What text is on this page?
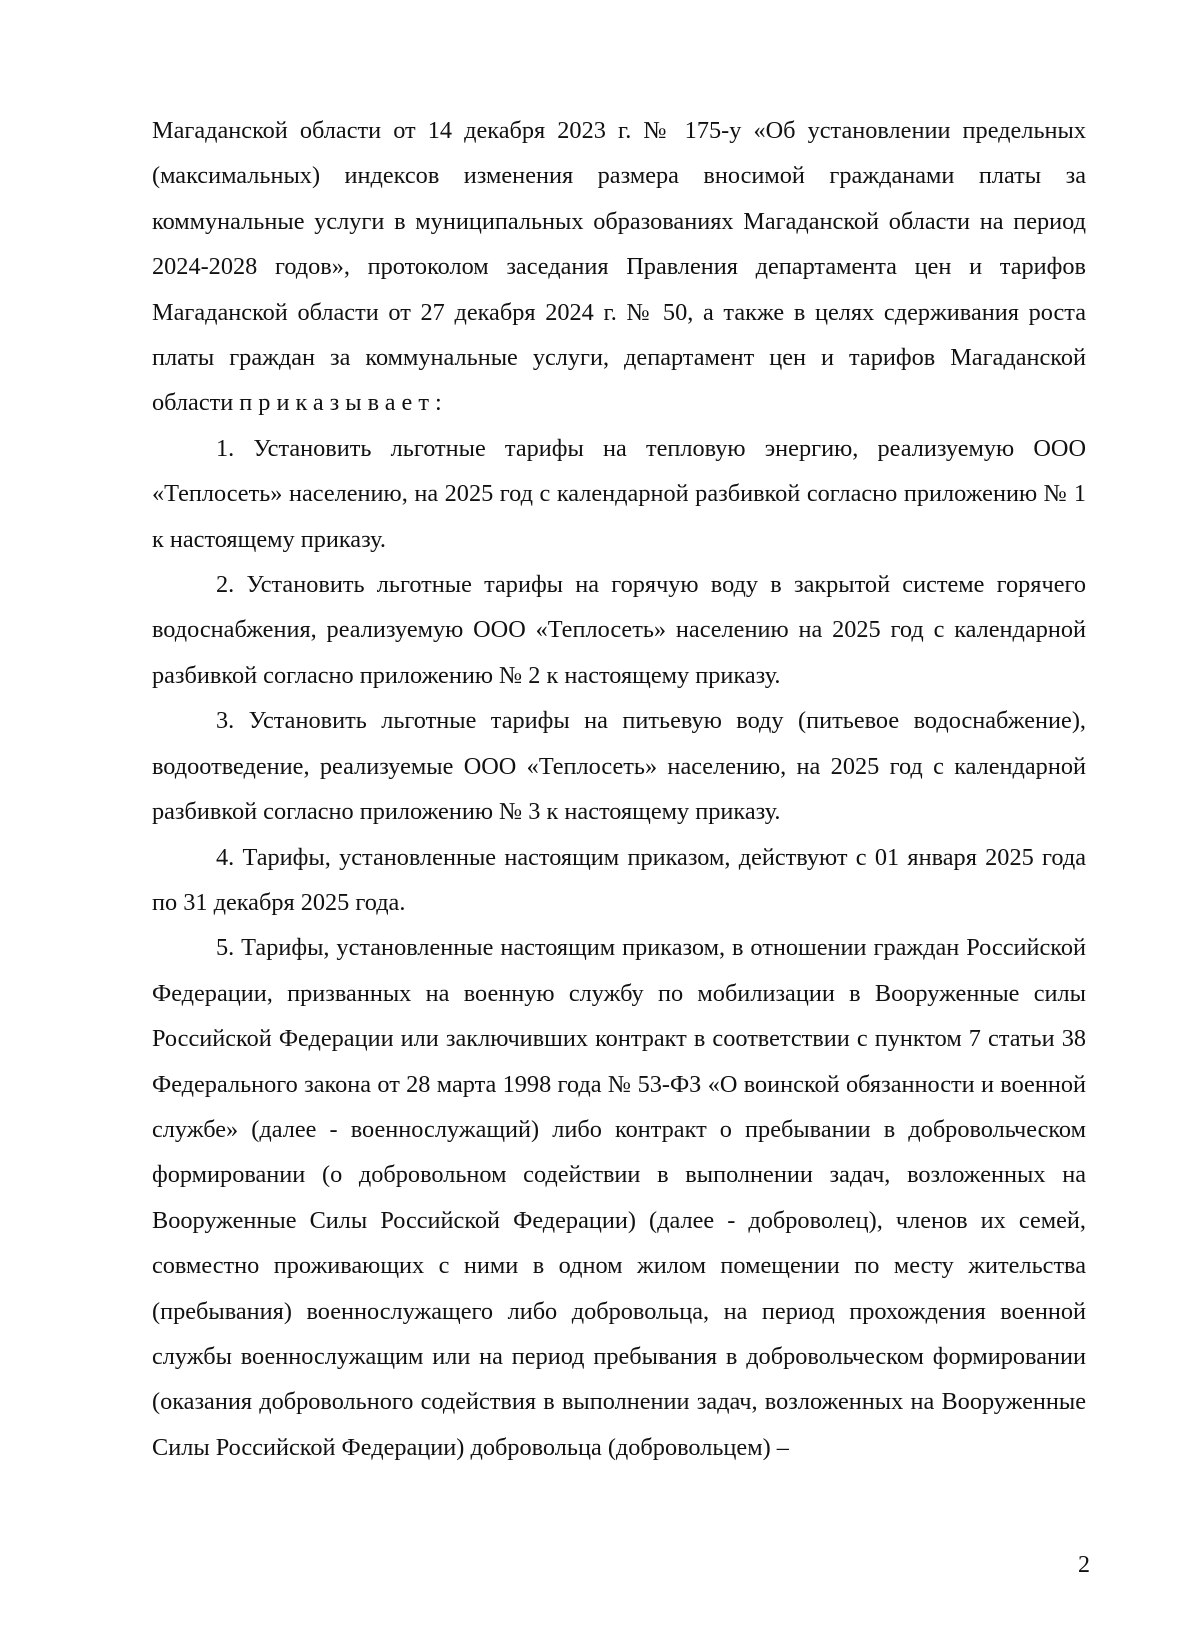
Магаданской области от 14 декабря 2023 г. № 175-у «Об установлении предельных (максимальных) индексов изменения размера вносимой гражданами платы за коммунальные услуги в муниципальных образованиях Магаданской области на период 2024-2028 годов», протоколом заседания Правления департамента цен и тарифов Магаданской области от 27 декабря 2024 г. № 50, а также в целях сдерживания роста платы граждан за коммунальные услуги, департамент цен и тарифов Магаданской области приказывает:

1. Установить льготные тарифы на тепловую энергию, реализуемую ООО «Теплосеть» населению, на 2025 год с календарной разбивкой согласно приложению № 1 к настоящему приказу.

2. Установить льготные тарифы на горячую воду в закрытой системе горячего водоснабжения, реализуемую ООО «Теплосеть» населению на 2025 год с календарной разбивкой согласно приложению № 2 к настоящему приказу.

3. Установить льготные тарифы на питьевую воду (питьевое водоснабжение), водоотведение, реализуемые ООО «Теплосеть» населению, на 2025 год с календарной разбивкой согласно приложению № 3 к настоящему приказу.

4. Тарифы, установленные настоящим приказом, действуют с 01 января 2025 года по 31 декабря 2025 года.

5. Тарифы, установленные настоящим приказом, в отношении граждан Российской Федерации, призванных на военную службу по мобилизации в Вооруженные силы Российской Федерации или заключивших контракт в соответствии с пунктом 7 статьи 38 Федерального закона от 28 марта 1998 года № 53-ФЗ «О воинской обязанности и военной службе» (далее - военнослужащий) либо контракт о пребывании в добровольческом формировании (о добровольном содействии в выполнении задач, возложенных на Вооруженные Силы Российской Федерации) (далее - доброволец), членов их семей, совместно проживающих с ними в одном жилом помещении по месту жительства (пребывания) военнослужащего либо добровольца, на период прохождения военной службы военнослужащим или на период пребывания в добровольческом формировании (оказания добровольного содействия в выполнении задач, возложенных на Вооруженные Силы Российской Федерации) добровольца (добровольцем) –

2
